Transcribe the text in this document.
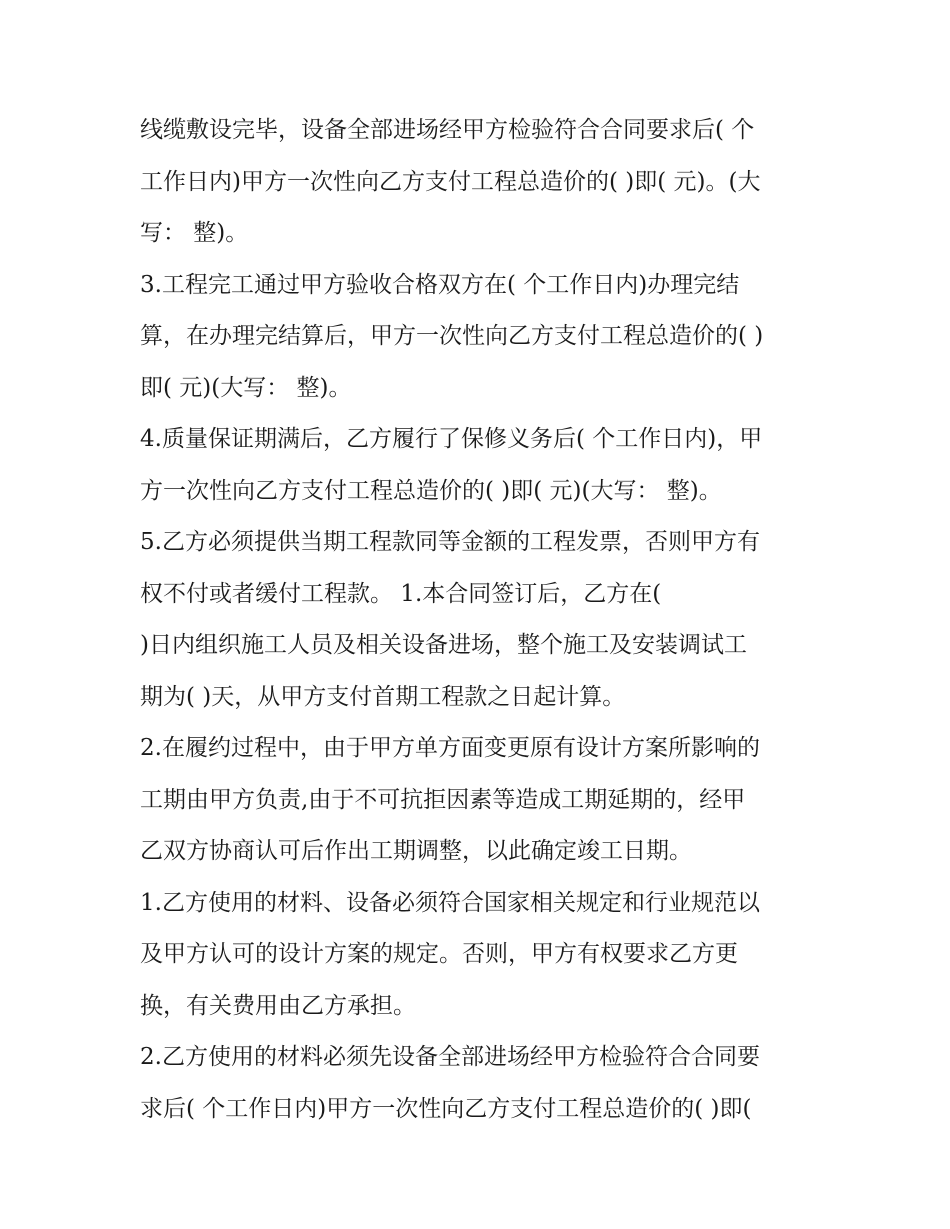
线缆敷设完毕，设备全部进场经甲方检验符合合同要求后( 个
工作日内)甲方一次性向乙方支付工程总造价的( )即( 元)。(大
写： 整)。
3.工程完工通过甲方验收合格双方在( 个工作日内)办理完结
算，在办理完结算后，甲方一次性向乙方支付工程总造价的( )
即( 元)(大写： 整)。
4.质量保证期满后，乙方履行了保修义务后( 个工作日内)，甲
方一次性向乙方支付工程总造价的( )即( 元)(大写： 整)。
5.乙方必须提供当期工程款同等金额的工程发票，否则甲方有
权不付或者缓付工程款。 1.本合同签订后，乙方在(
)日内组织施工人员及相关设备进场，整个施工及安装调试工
期为( )天，从甲方支付首期工程款之日起计算。
2.在履约过程中，由于甲方单方面变更原有设计方案所影响的
工期由甲方负责,由于不可抗拒因素等造成工期延期的，经甲
乙双方协商认可后作出工期调整，以此确定竣工日期。
1.乙方使用的材料、设备必须符合国家相关规定和行业规范以
及甲方认可的设计方案的规定。否则，甲方有权要求乙方更
换，有关费用由乙方承担。
2.乙方使用的材料必须先设备全部进场经甲方检验符合合同要
求后( 个工作日内)甲方一次性向乙方支付工程总造价的( )即(
